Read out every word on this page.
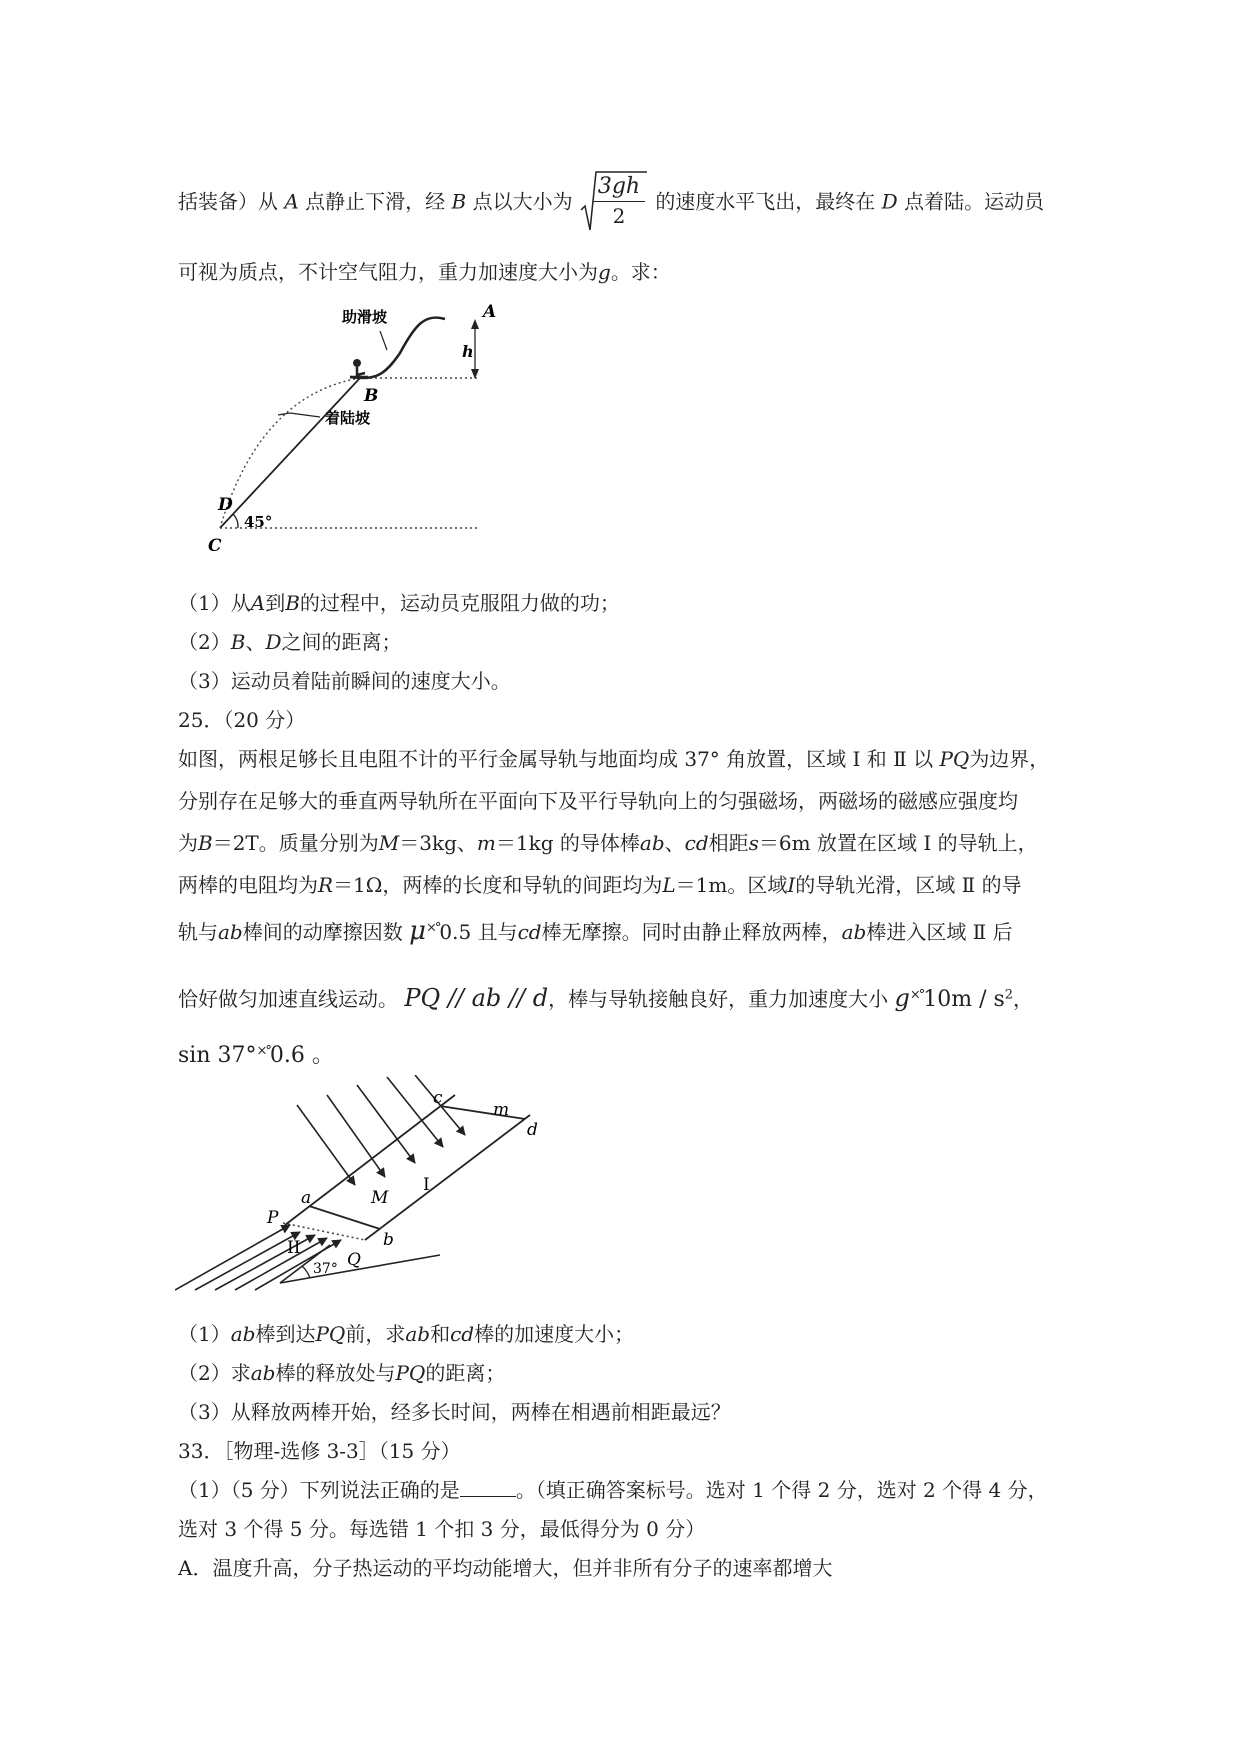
括装备）从 A 点静止下滑，经 B 点以大小为 $\frac{3gh}{2}$ 的速度水平飞出，最终在 D 点着陆。运动员
可视为质点，不计空气阻力，重力加速度大小为g。求：
助滑坡
着陆坡
A
B
C
D
h
45°
（1）从A到B的过程中，运动员克服阻力做的功；
（2）B、D之间的距离；
（3）运动员着陆前瞬间的速度大小。
25．（20 分）
如图，两根足够长且电阻不计的平行金属导轨与地面均成 37° 角放置，区域 Ⅰ 和 Ⅱ 以 PQ为边界，
分别存在足够大的垂直两导轨所在平面向下及平行导轨向上的匀强磁场，两磁场的磁感应强度均
为B＝2T。质量分别为M＝3kg、m＝1kg 的导体棒ab、cd相距s＝6m 放置在区域 Ⅰ 的导轨上，
两棒的电阻均为R＝1Ω，两棒的长度和导轨的间距均为L＝1m。区域I的导轨光滑，区域 Ⅱ 的导
轨与ab棒间的动摩擦因数 μ×°0.5 且与cd棒无摩擦。同时由静止释放两棒，ab棒进入区域 Ⅱ 后
恰好做匀加速直线运动。 PQ // ab // d，棒与导轨接触良好，重力加速度大小 $g^{\times^\circ}10m / s^2$，
sin 37°×°0.6 。
P
Q
a
b
c
d
M
m
I
II
37°
（1）ab棒到达PQ前，求ab和cd棒的加速度大小；
（2）求ab棒的释放处与PQ的距离；
（3）从释放两棒开始，经多长时间，两棒在相遇前相距最远？
33．［物理-选修 3-3］（15 分）
（1）（5 分）下列说法正确的是	。（填正确答案标号。选对 1 个得 2 分，选对 2 个得 4 分，
选对 3 个得 5 分。每选错 1 个扣 3 分，最低得分为 0 分）
A．温度升高，分子热运动的平均动能增大，但并非所有分子的速率都增大
